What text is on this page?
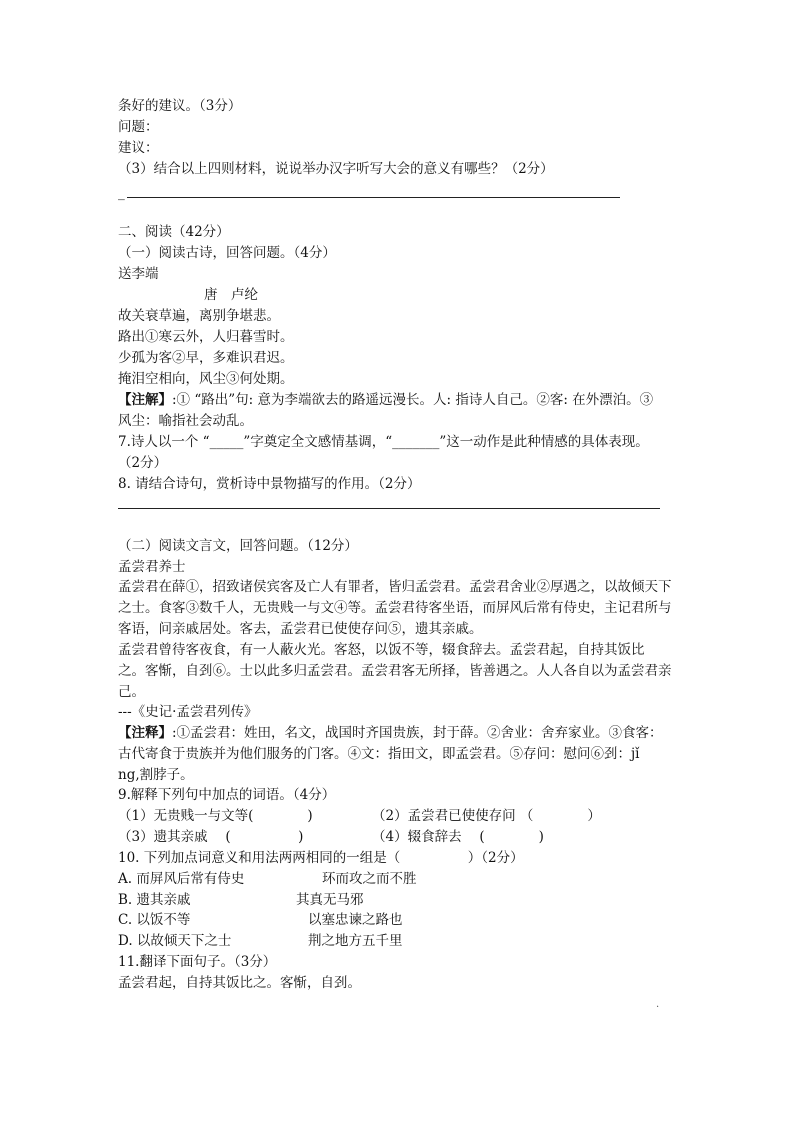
条好的建议。（3分）
问题：
建议：
（3）结合以上四则材料，说说举办汉字听写大会的意义有哪些？（2分）
_
二、阅读（42分）
（一）阅读古诗，回答问题。（4分）
送李端
唐　卢纶
故关衰草遍，离别争堪悲。
路出①寒云外，人归暮雪时。
少孤为客②早，多难识君迟。
掩泪空相向，风尘③何处期。
【注解】:① “路出”句: 意为李端欲去的路遥远漫长。人: 指诗人自己。②客: 在外漂泊。③
风尘：喻指社会动乱。
7.诗人以一个 “_____”字奠定全文感情基调，“_______”这一动作是此种情感的具体表现。
（2分）
8. 请结合诗句，赏析诗中景物描写的作用。（2分）
（二）阅读文言文，回答问题。（12分）
孟尝君养士
孟尝君在薛①，招致诸侯宾客及亡人有罪者，皆归孟尝君。孟尝君舍业②厚遇之，以故倾天下
之士。食客③数千人，无贵贱一与文④等。孟尝君待客坐语，而屏风后常有侍史，主记君所与
客语，问亲戚居处。客去，孟尝君已使使存问⑤，遗其亲戚。
孟尝君曾待客夜食，有一人蔽火光。客怒，以饭不等，辍食辞去。孟尝君起，自持其饭比
之。客惭，自刭⑥。士以此多归孟尝君。孟尝君客无所择，皆善遇之。人人各自以为孟尝君亲
己。
---《史记·孟尝君列传》
【注释】:①孟尝君：姓田，名文，战国时齐国贵族，封于薛。②舍业：舍弃家业。③食客：
古代寄食于贵族并为他们服务的门客。④文：指田文，即孟尝君。⑤存问：慰问⑥刭：jǐ
ng,割脖子。
9.解释下列句中加点的词语。（4分）
（1）无贵贱一与文等(　　　　)	（2）孟尝君已使使存问 （　　　　）
（3）遗其亲戚 　(　　　　　)	（4）辍食辞去 　(　　　　)
10. 下列加点词意义和用法两两相同的一组是（　　　　　）（2分）
A. 而屏风后常有侍史	环而攻之而不胜
B. 遗其亲戚	其真无马邪
C. 以饭不等	以塞忠谏之路也
D. 以故倾天下之士	荆之地方五千里
11.翻译下面句子。（3分）
孟尝君起，自持其饭比之。客惭，自刭。
.
